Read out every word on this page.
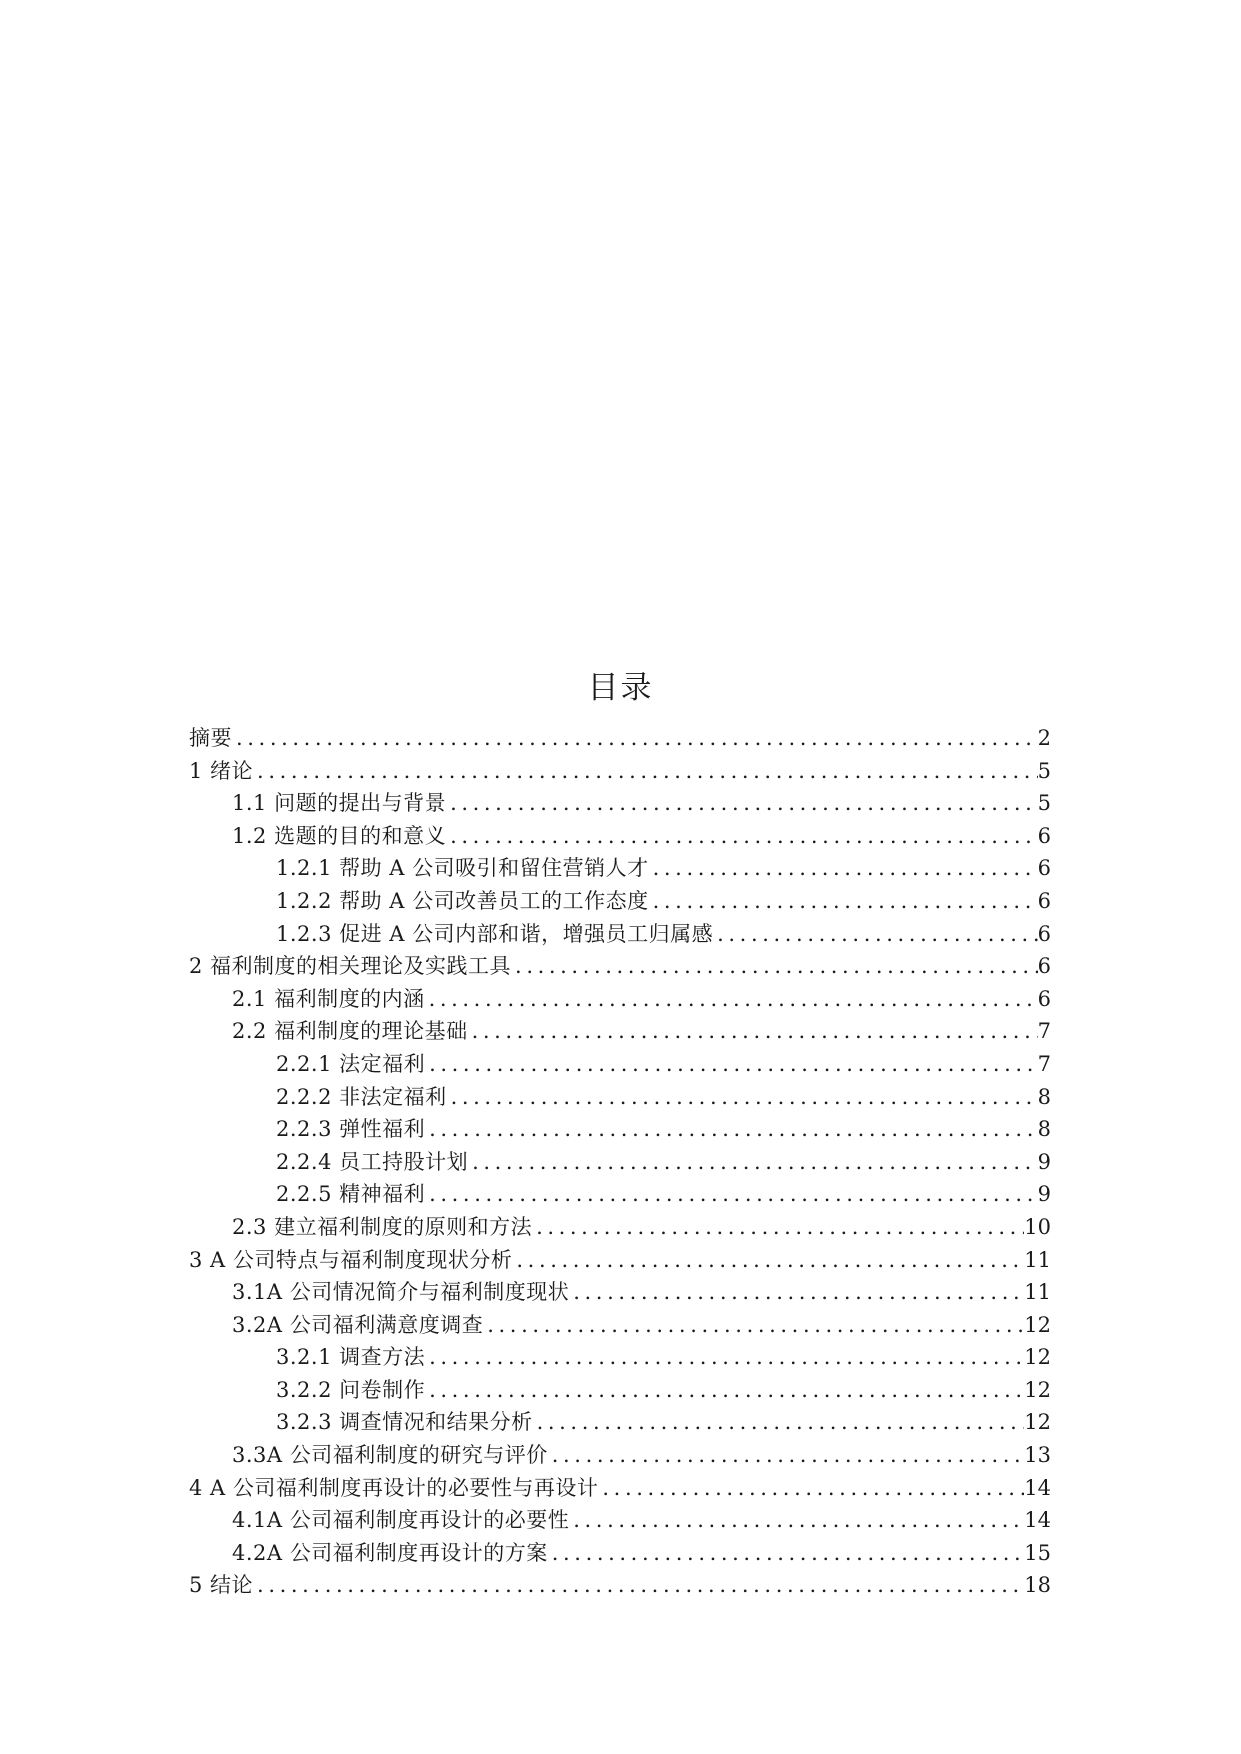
目录
摘要 .....	2
1 绪论 .....	5
1.1 问题的提出与背景 .....	5
1.2 选题的目的和意义 .....	6
1.2.1 帮助 A 公司吸引和留住营销人才 .....	6
1.2.2 帮助 A 公司改善员工的工作态度 .....	6
1.2.3 促进 A 公司内部和谐，增强员工归属感 .....	6
2 福利制度的相关理论及实践工具 .....	6
2.1 福利制度的内涵 .....	6
2.2 福利制度的理论基础 .....	7
2.2.1 法定福利 .....	7
2.2.2 非法定福利 .....	8
2.2.3 弹性福利 .....	8
2.2.4 员工持股计划 .....	9
2.2.5 精神福利 .....	9
2.3 建立福利制度的原则和方法 .....	10
3 A 公司特点与福利制度现状分析 .....	11
3.1A 公司情况简介与福利制度现状 .....	11
3.2A 公司福利满意度调查 .....	12
3.2.1 调查方法 .....	12
3.2.2 问卷制作 .....	12
3.2.3 调查情况和结果分析 .....	12
3.3A 公司福利制度的研究与评价 .....	13
4 A 公司福利制度再设计的必要性与再设计 .....	14
4.1A 公司福利制度再设计的必要性 .....	14
4.2A 公司福利制度再设计的方案 .....	15
5 结论 .....	18
